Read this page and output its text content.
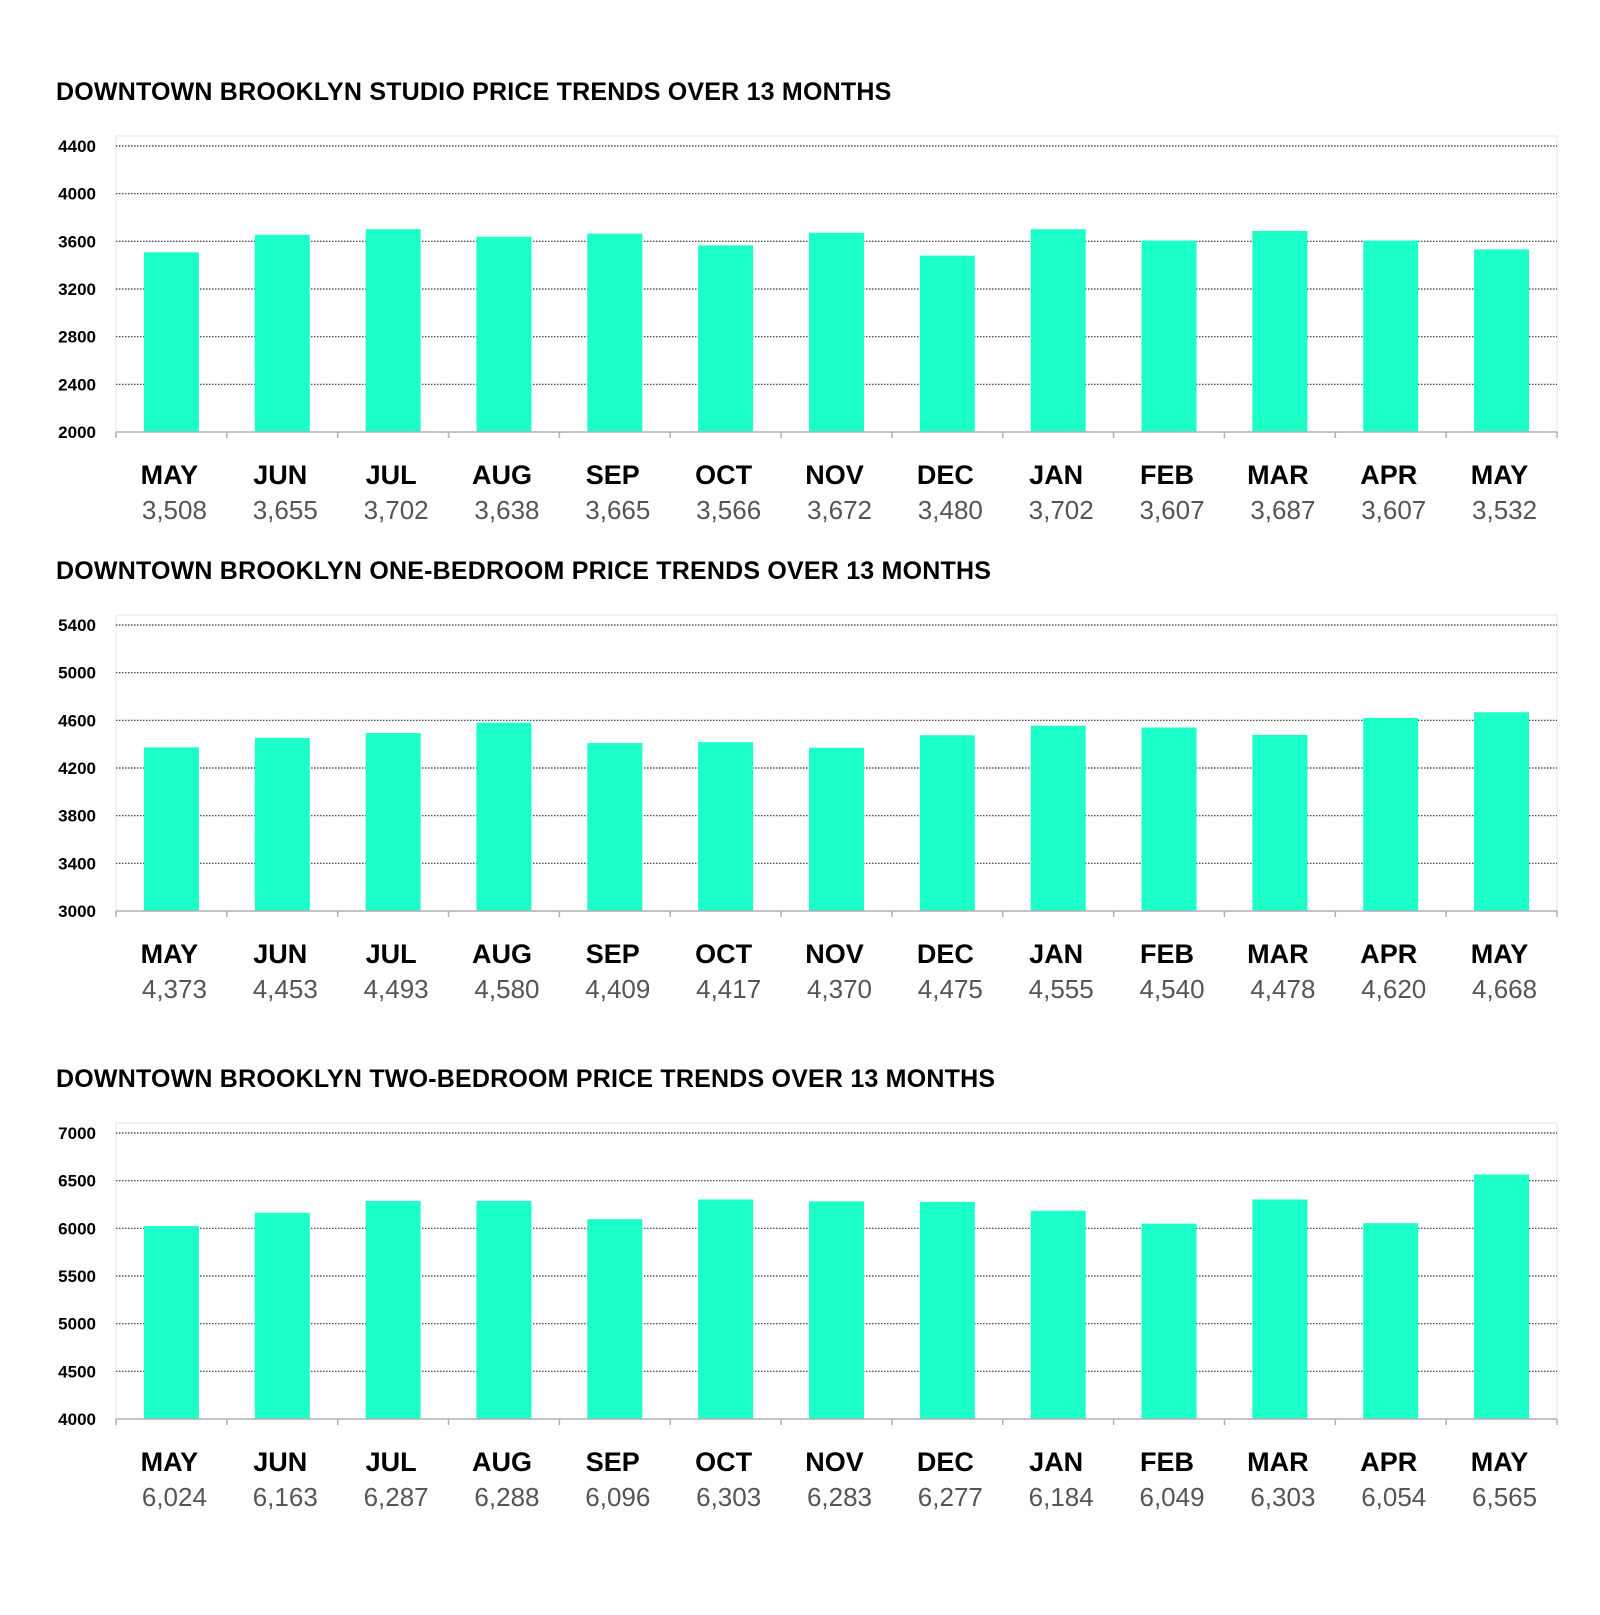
DOWNTOWN BROOKLYN STUDIO PRICE TRENDS OVER 13 MONTHS
2000
2400
2800
3200
3600
4000
4400
MAY
3,508
JUN
3,655
JUL
3,702
AUG
3,638
SEP
3,665
OCT
3,566
NOV
3,672
DEC
3,480
JAN
3,702
FEB
3,607
MAR
3,687
APR
3,607
MAY
3,532
DOWNTOWN BROOKLYN ONE-BEDROOM PRICE TRENDS OVER 13 MONTHS
3000
3400
3800
4200
4600
5000
5400
MAY
4,373
JUN
4,453
JUL
4,493
AUG
4,580
SEP
4,409
OCT
4,417
NOV
4,370
DEC
4,475
JAN
4,555
FEB
4,540
MAR
4,478
APR
4,620
MAY
4,668
DOWNTOWN BROOKLYN TWO-BEDROOM PRICE TRENDS OVER 13 MONTHS
4000
4500
5000
5500
6000
6500
7000
MAY
6,024
JUN
6,163
JUL
6,287
AUG
6,288
SEP
6,096
OCT
6,303
NOV
6,283
DEC
6,277
JAN
6,184
FEB
6,049
MAR
6,303
APR
6,054
MAY
6,565
